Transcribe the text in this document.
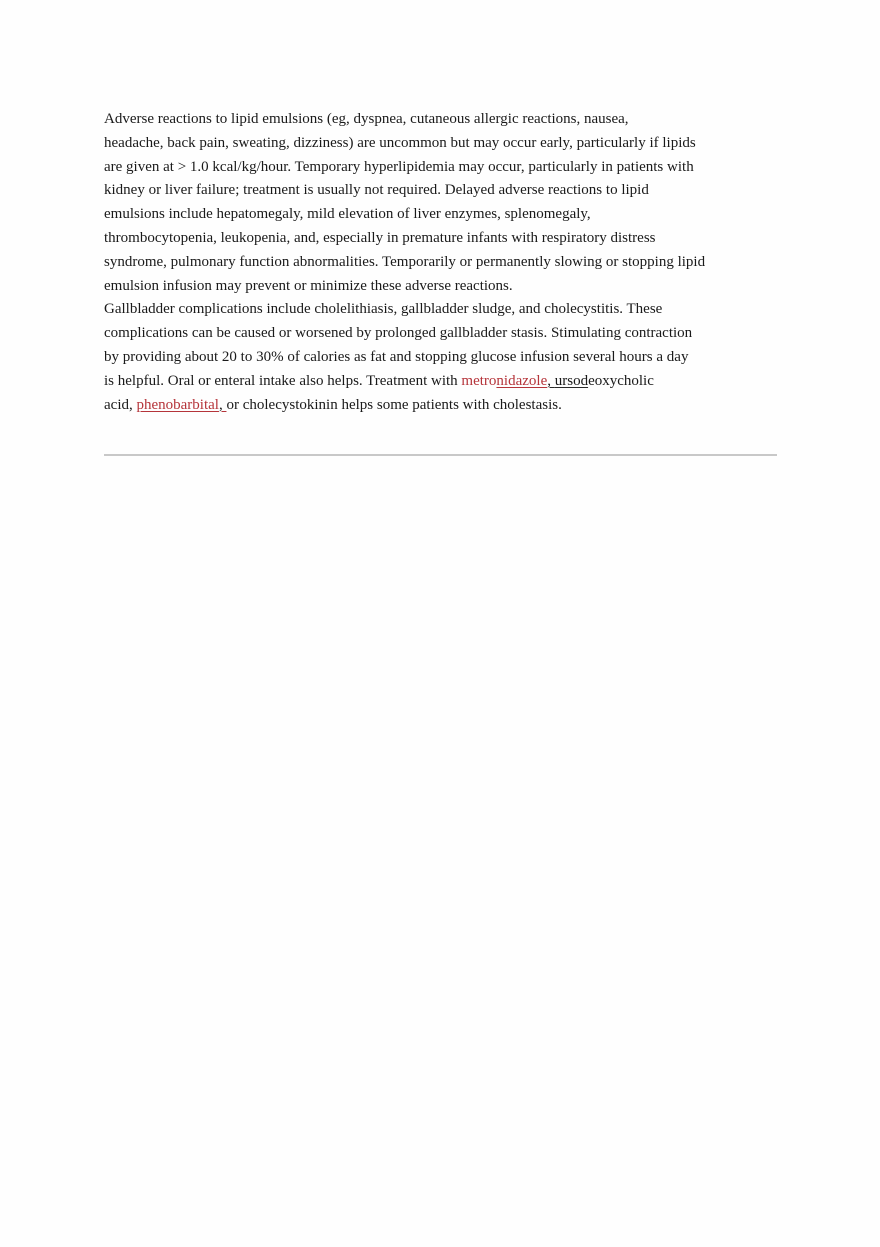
Adverse reactions to lipid emulsions (eg, dyspnea, cutaneous allergic reactions, nausea,
headache, back pain, sweating, dizziness) are uncommon but may occur early, particularly if lipids
are given at > 1.0 kcal/kg/hour. Temporary hyperlipidemia may occur, particularly in patients with
kidney or liver failure; treatment is usually not required. Delayed adverse reactions to lipid
emulsions include hepatomegaly, mild elevation of liver enzymes, splenomegaly,
thrombocytopenia, leukopenia, and, especially in premature infants with respiratory distress
syndrome, pulmonary function abnormalities. Temporarily or permanently slowing or stopping lipid
emulsion infusion may prevent or minimize these adverse reactions.

Gallbladder complications include cholelithiasis, gallbladder sludge, and cholecystitis. These
complications can be caused or worsened by prolonged gallbladder stasis. Stimulating contraction
by providing about 20 to 30% of calories as fat and stopping glucose infusion several hours a day
is helpful. Oral or enteral intake also helps. Treatment with metronidazole, ursodeoxycholic
acid, phenobarbital, or cholecystokinin helps some patients with cholestasis.
